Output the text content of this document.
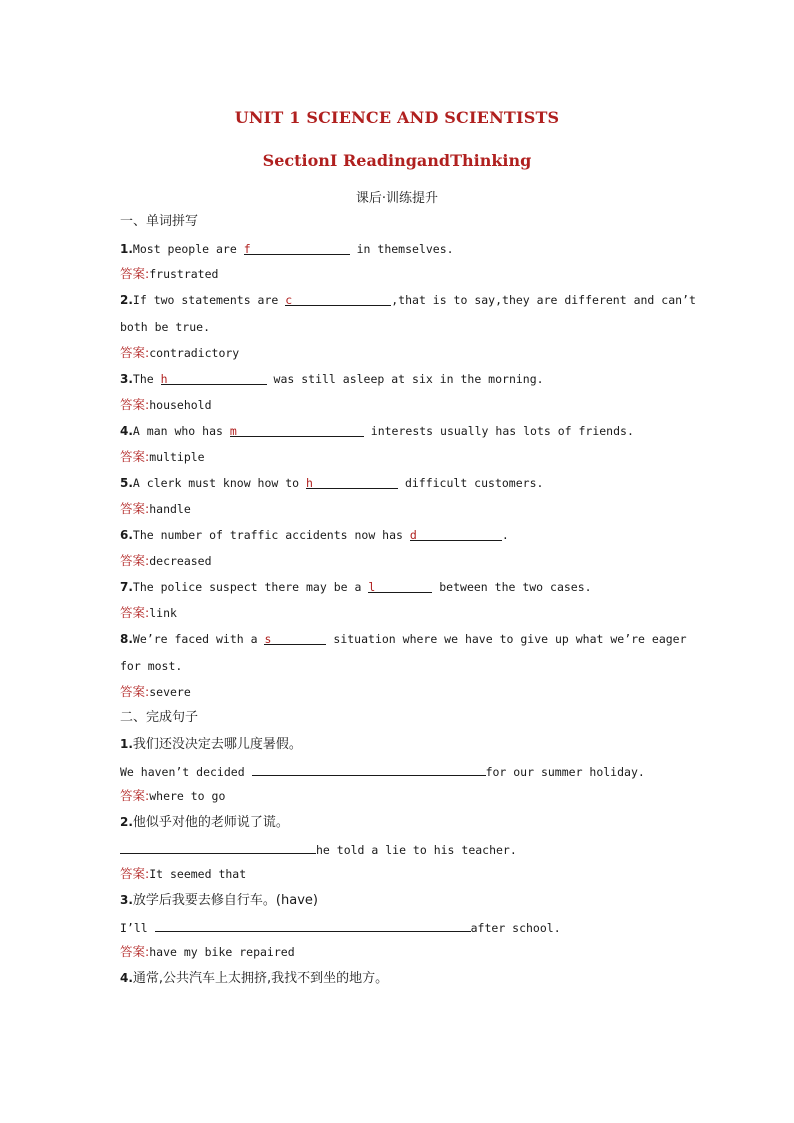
UNIT 1 SCIENCE AND SCIENTISTS
SectionⅠ ReadingandThinking
课后·训练提升
一、单词拼写
1.Most people are f	in themselves.
答案:frustrated
2.If two statements are c	,that is to say,they are different and can’t
both be true.
答案:contradictory
3.The h	was still asleep at six in the morning.
答案:household
4.A man who has m	interests usually has lots of friends.
答案:multiple
5.A clerk must know how to h	difficult customers.
答案:handle
6.The number of traffic accidents now has d	.
答案:decreased
7.The police suspect there may be a l	between the two cases.
答案:link
8.We’re faced with a s	situation where we have to give up what we’re eager
for most.
答案:severe
二、完成句子
1.我们还没决定去哪儿度暑假。
We haven’t decided	for our summer holiday.
答案:where to go
2.他似乎对他的老师说了谎。
he told a lie to his teacher.
答案:It seemed that
3.放学后我要去修自行车。(have)
I’ll	after school.
答案:have my bike repaired
4.通常,公共汽车上太拥挤,我找不到坐的地方。
